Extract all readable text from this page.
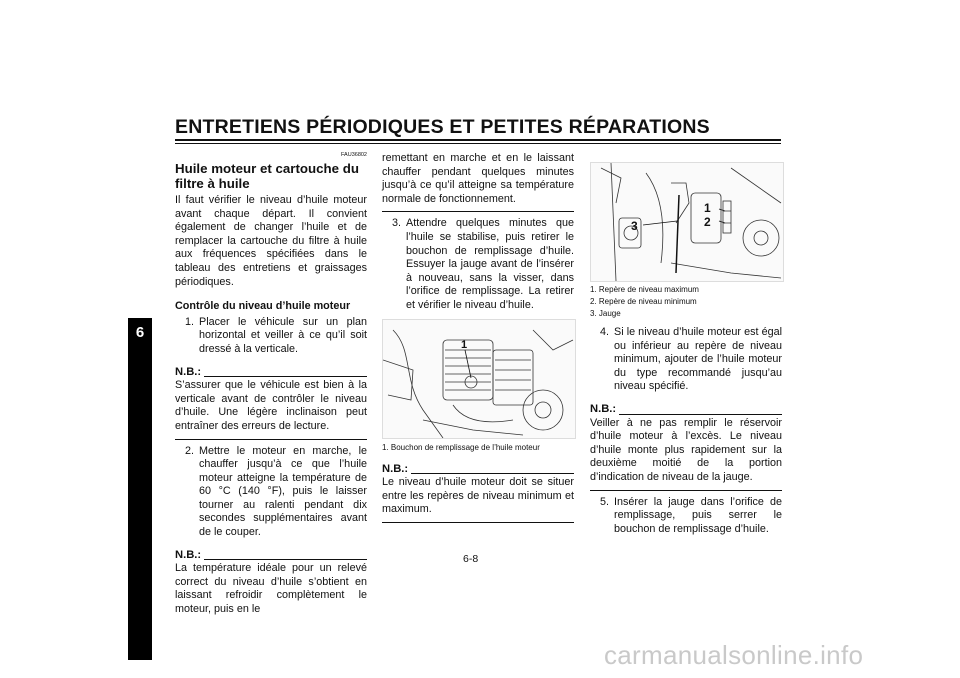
ENTRETIENS PÉRIODIQUES ET PETITES RÉPARATIONS
6
FAU36802
Huile moteur et cartouche du filtre à huile

Il faut vérifier le niveau d’huile moteur avant chaque départ. Il convient également de changer l’huile et de remplacer la cartouche du filtre à huile aux fréquences spécifiées dans le tableau des entretiens et graissages périodiques.

Contrôle du niveau d’huile moteur

1. Placer le véhicule sur un plan horizontal et veiller à ce qu’il soit dressé à la verticale.
N.B.:

S’assurer que le véhicule est bien à la verticale avant de contrôler le niveau d’huile. Une légère inclinaison peut entraîner des erreurs de lecture.

2. Mettre le moteur en marche, le chauffer jusqu’à ce que l’huile moteur atteigne la température de 60 °C (140 °F), puis le laisser tourner au ralenti pendant dix secondes supplémentaires avant de le couper.
N.B.:

La température idéale pour un relevé correct du niveau d’huile s’obtient en laissant refroidir complètement le moteur, puis en le

remettant en marche et en le laissant chauffer pendant quelques minutes jusqu’à ce qu’il atteigne sa température normale de fonctionnement.

3. Attendre quelques minutes que l’huile se stabilise, puis retirer le bouchon de remplissage d’huile. Essuyer la jauge avant de l’insérer à nouveau, sans la visser, dans l’orifice de remplissage. La retirer et vérifier le niveau d’huile.
1
1. Bouchon de remplissage de l’huile moteur
N.B.:

Le niveau d’huile moteur doit se situer entre les repères de niveau minimum et maximum.

1
2
3
1. Repère de niveau maximum
2. Repère de niveau minimum
3. Jauge
4. Si le niveau d’huile moteur est égal ou inférieur au repère de niveau minimum, ajouter de l’huile moteur du type recommandé jusqu’au niveau spécifié.
N.B.:

Veiller à ne pas remplir le réservoir d’huile moteur à l’excès. Le niveau d’huile monte plus rapidement sur la deuxième moitié de la portion d’indication de niveau de la jauge.

5. Insérer la jauge dans l’orifice de remplissage, puis serrer le bouchon de remplissage d’huile.
6-8
carmanualsonline.info
